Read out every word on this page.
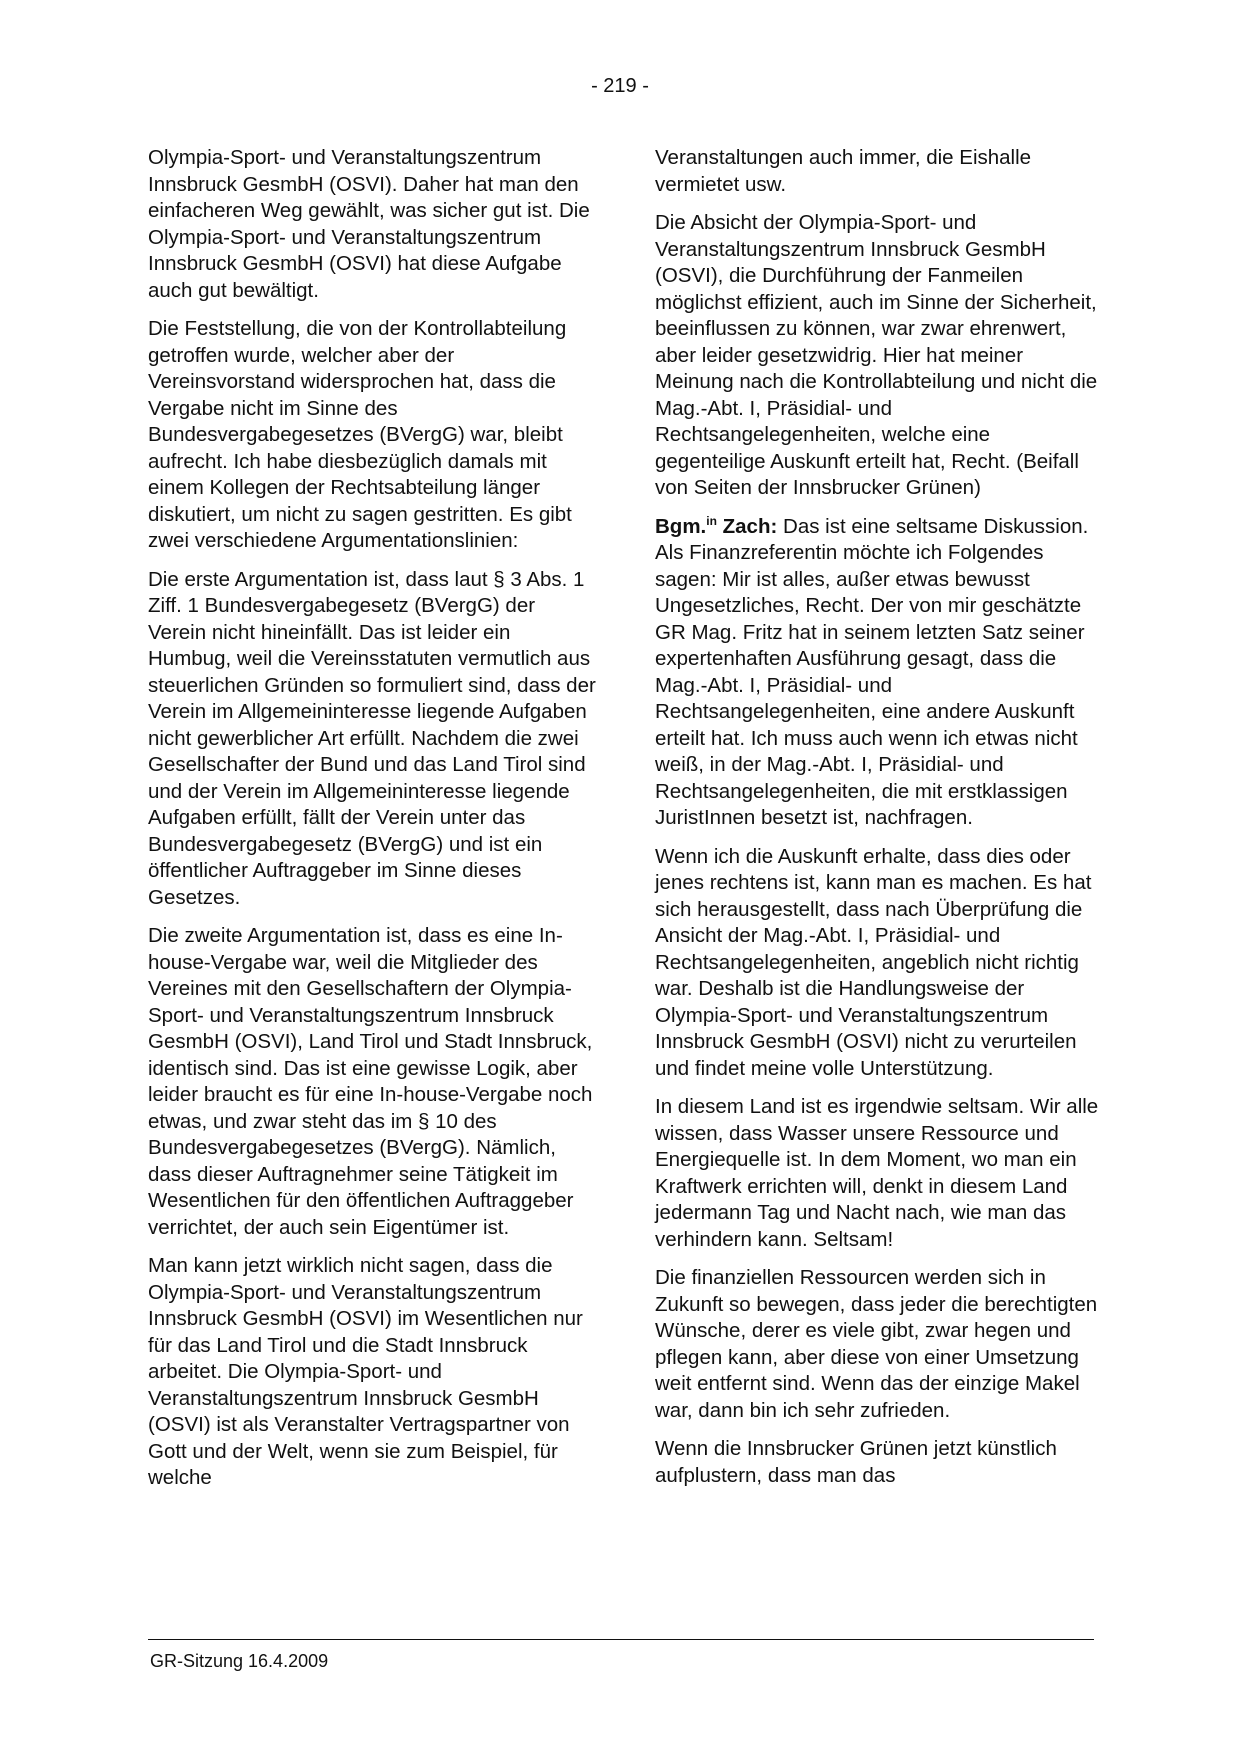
- 219 -

Olympia-Sport- und Veranstaltungszentrum Innsbruck GesmbH (OSVI). Daher hat man den einfacheren Weg gewählt, was sicher gut ist. Die Olympia-Sport- und Veranstaltungszentrum Innsbruck GesmbH (OSVI) hat diese Aufgabe auch gut bewältigt.

Die Feststellung, die von der Kontrollabteilung getroffen wurde, welcher aber der Vereinsvorstand widersprochen hat, dass die Vergabe nicht im Sinne des Bundesvergabegesetzes (BVergG) war, bleibt aufrecht. Ich habe diesbezüglich damals mit einem Kollegen der Rechtsabteilung länger diskutiert, um nicht zu sagen gestritten. Es gibt zwei verschiedene Argumentationslinien:

Die erste Argumentation ist, dass laut § 3 Abs. 1 Ziff. 1 Bundesvergabegesetz (BVergG) der Verein nicht hineinfällt. Das ist leider ein Humbug, weil die Vereinsstatuten vermutlich aus steuerlichen Gründen so formuliert sind, dass der Verein im Allgemeininteresse liegende Aufgaben nicht gewerblicher Art erfüllt. Nachdem die zwei Gesellschafter der Bund und das Land Tirol sind und der Verein im Allgemeininteresse liegende Aufgaben erfüllt, fällt der Verein unter das Bundesvergabegesetz (BVergG) und ist ein öffentlicher Auftraggeber im Sinne dieses Gesetzes.

Die zweite Argumentation ist, dass es eine In-house-Vergabe war, weil die Mitglieder des Vereines mit den Gesellschaftern der Olympia-Sport- und Veranstaltungszentrum Innsbruck GesmbH (OSVI), Land Tirol und Stadt Innsbruck, identisch sind. Das ist eine gewisse Logik, aber leider braucht es für eine In-house-Vergabe noch etwas, und zwar steht das im § 10 des Bundesvergabegesetzes (BVergG). Nämlich, dass dieser Auftragnehmer seine Tätigkeit im Wesentlichen für den öffentlichen Auftraggeber verrichtet, der auch sein Eigentümer ist.

Man kann jetzt wirklich nicht sagen, dass die Olympia-Sport- und Veranstaltungszentrum Innsbruck GesmbH (OSVI) im Wesentlichen nur für das Land Tirol und die Stadt Innsbruck arbeitet. Die Olympia-Sport- und Veranstaltungszentrum Innsbruck GesmbH (OSVI) ist als Veranstalter Vertragspartner von Gott und der Welt, wenn sie zum Beispiel, für welche

Veranstaltungen auch immer, die Eishalle vermietet usw.

Die Absicht der Olympia-Sport- und Veranstaltungszentrum Innsbruck GesmbH (OSVI), die Durchführung der Fanmeilen möglichst effizient, auch im Sinne der Sicherheit, beeinflussen zu können, war zwar ehrenwert, aber leider gesetzwidrig. Hier hat meiner Meinung nach die Kontrollabteilung und nicht die Mag.-Abt. I, Präsidial- und Rechtsangelegenheiten, welche eine gegenteilige Auskunft erteilt hat, Recht. (Beifall von Seiten der Innsbrucker Grünen)

Bgm.$^{in}$ Zach: Das ist eine seltsame Diskussion. Als Finanzreferentin möchte ich Folgendes sagen: Mir ist alles, außer etwas bewusst Ungesetzliches, Recht. Der von mir geschätzte GR Mag. Fritz hat in seinem letzten Satz seiner expertenhaften Ausführung gesagt, dass die Mag.-Abt. I, Präsidial- und Rechtsangelegenheiten, eine andere Auskunft erteilt hat. Ich muss auch wenn ich etwas nicht weiß, in der Mag.-Abt. I, Präsidial- und Rechtsangelegenheiten, die mit erstklassigen JuristInnen besetzt ist, nachfragen.

Wenn ich die Auskunft erhalte, dass dies oder jenes rechtens ist, kann man es machen. Es hat sich herausgestellt, dass nach Überprüfung die Ansicht der Mag.-Abt. I, Präsidial- und Rechtsangelegenheiten, angeblich nicht richtig war. Deshalb ist die Handlungsweise der Olympia-Sport- und Veranstaltungszentrum Innsbruck GesmbH (OSVI) nicht zu verurteilen und findet meine volle Unterstützung.

In diesem Land ist es irgendwie seltsam. Wir alle wissen, dass Wasser unsere Ressource und Energiequelle ist. In dem Moment, wo man ein Kraftwerk errichten will, denkt in diesem Land jedermann Tag und Nacht nach, wie man das verhindern kann. Seltsam!

Die finanziellen Ressourcen werden sich in Zukunft so bewegen, dass jeder die berechtigten Wünsche, derer es viele gibt, zwar hegen und pflegen kann, aber diese von einer Umsetzung weit entfernt sind. Wenn das der einzige Makel war, dann bin ich sehr zufrieden.

Wenn die Innsbrucker Grünen jetzt künstlich aufplustern, dass man das

GR-Sitzung 16.4.2009
